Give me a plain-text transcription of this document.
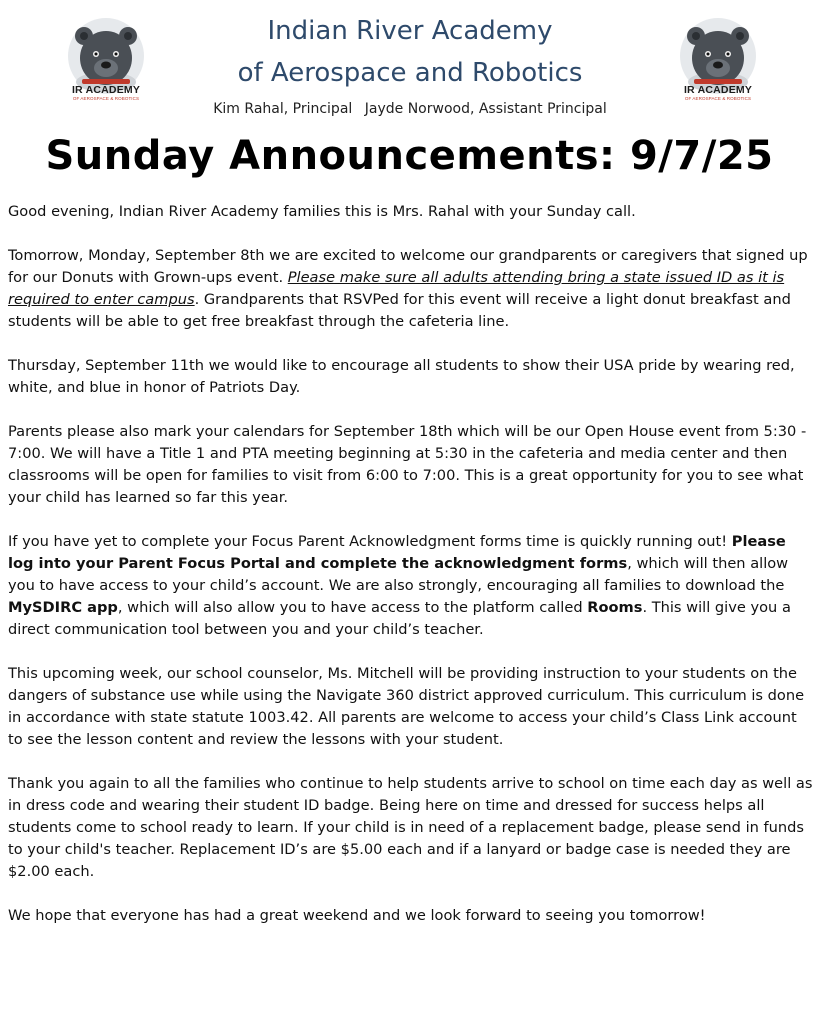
IR ACADEMY
OF AEROSPACE & ROBOTICS
Indian River Academy
of Aerospace and Robotics
Kim Rahal, Principal Jayde Norwood, Assistant Principal
IR ACADEMY
OF AEROSPACE & ROBOTICS
Sunday Announcements: 9/7/25

Good evening, Indian River Academy families this is Mrs. Rahal with your Sunday call.

Tomorrow, Monday, September 8th we are excited to welcome our grandparents or caregivers that signed up for our Donuts with Grown-ups event. Please make sure all adults attending bring a state issued ID as it is required to enter campus. Grandparents that RSVPed for this event will receive a light donut breakfast and students will be able to get free breakfast through the cafeteria line.

Thursday, September 11th we would like to encourage all students to show their USA pride by wearing red, white, and blue in honor of Patriots Day.

Parents please also mark your calendars for September 18th which will be our Open House event from 5:30 - 7:00. We will have a Title 1 and PTA meeting beginning at 5:30 in the cafeteria and media center and then classrooms will be open for families to visit from 6:00 to 7:00. This is a great opportunity for you to see what your child has learned so far this year.

If you have yet to complete your Focus Parent Acknowledgment forms time is quickly running out! Please log into your Parent Focus Portal and complete the acknowledgment forms, which will then allow you to have access to your child’s account. We are also strongly, encouraging all families to download the MySDIRC app, which will also allow you to have access to the platform called Rooms. This will give you a direct communication tool between you and your child’s teacher.

This upcoming week, our school counselor, Ms. Mitchell will be providing instruction to your students on the dangers of substance use while using the Navigate 360 district approved curriculum. This curriculum is done in accordance with state statute 1003.42. All parents are welcome to access your child’s Class Link account to see the lesson content and review the lessons with your student.

Thank you again to all the families who continue to help students arrive to school on time each day as well as in dress code and wearing their student ID badge. Being here on time and dressed for success helps all students come to school ready to learn. If your child is in need of a replacement badge, please send in funds to your child's teacher. Replacement ID’s are $5.00 each and if a lanyard or badge case is needed they are $2.00 each.

We hope that everyone has had a great weekend and we look forward to seeing you tomorrow!
